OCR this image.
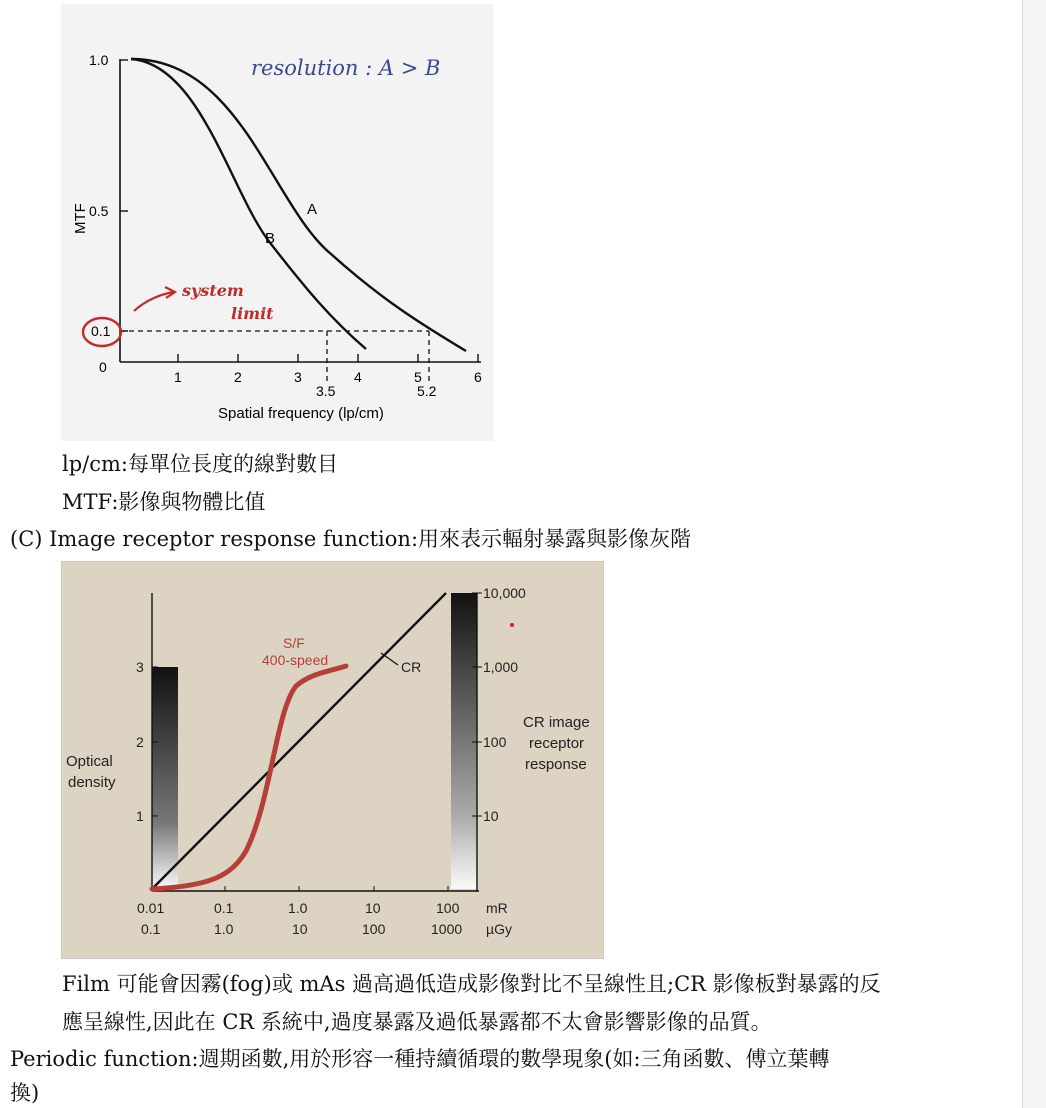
1.0
0.5
0.1
0
1	2	3	4	5	6
3.5	5.2
Spatial frequency (lp/cm)
MTF	A
B
resolution : A > B
system
limit
lp/cm:每單位長度的線對數目
MTF:影像與物體比值
(C) Image receptor response function:用來表示輻射暴露與影像灰階
3
2
1
10,000
1,000
100
10
Optical
density
CR image
receptor
response
0.01	0.1	1.0	10	100 mR
0.1	1.0	10	100	1000 µGy
CR
S/F
400-speed
Film 可能會因霧(fog)或 mAs 過高過低造成影像對比不呈線性且;CR 影像板對暴露的反
應呈線性,因此在 CR 系統中,過度暴露及過低暴露都不太會影響影像的品質。
Periodic function:週期函數,用於形容一種持續循環的數學現象(如:三角函數、傅立葉轉
換)
